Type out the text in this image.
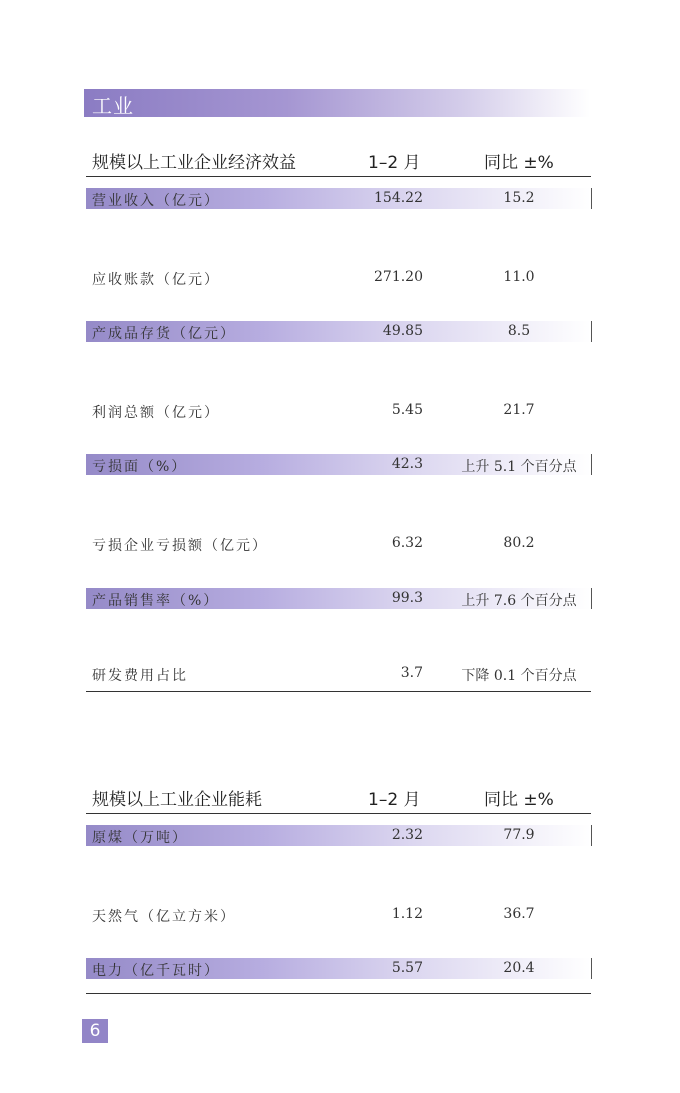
工业
规模以上工业企业经济效益	1–2 月	同比 ±%
营业收入（亿元）	154.22	15.2
应收账款（亿元）	271.20	11.0
产成品存货（亿元）	49.85	8.5
利润总额（亿元）	5.45	21.7
亏损面（%）	42.3	上升 5.1 个百分点
亏损企业亏损额（亿元）	6.32	80.2
产品销售率（%）	99.3	上升 7.6 个百分点
研发费用占比	3.7	下降 0.1 个百分点
规模以上工业企业能耗	1–2 月	同比 ±%
原煤（万吨）	2.32	77.9
天然气（亿立方米）	1.12	36.7
电力（亿千瓦时）	5.57	20.4
6
